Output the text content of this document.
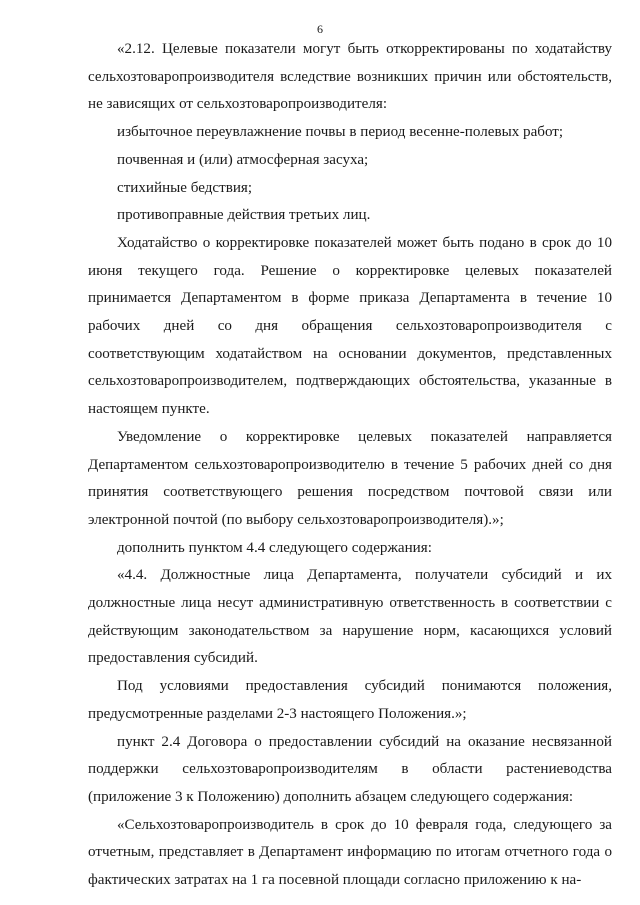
6

«2.12. Целевые показатели могут быть откорректированы по ходатайству сельхозтоваропроизводителя вследствие возникших причин или обстоятельств, не зависящих от сельхозтоваропроизводителя:

избыточное переувлажнение почвы в период весенне-полевых работ;

почвенная и (или) атмосферная засуха;

стихийные бедствия;

противоправные действия третьих лиц.

Ходатайство о корректировке показателей может быть подано в срок до 10 июня текущего года. Решение о корректировке целевых показателей принимается Департаментом в форме приказа Департамента в течение 10 рабочих дней со дня обращения сельхозтоваропроизводителя с соответствующим ходатайством на основании документов, представленных сельхозтоваропроизводителем, подтверждающих обстоятельства, указанные в настоящем пункте.

Уведомление о корректировке целевых показателей направляется Департаментом сельхозтоваропроизводителю в течение 5 рабочих дней со дня принятия соответствующего решения посредством почтовой связи или электронной почтой (по выбору сельхозтоваропроизводителя).»;

дополнить пунктом 4.4 следующего содержания:

«4.4. Должностные лица Департамента, получатели субсидий и их должностные лица несут административную ответственность в соответствии с действующим законодательством за нарушение норм, касающихся условий предоставления субсидий.

Под условиями предоставления субсидий понимаются положения, предусмотренные разделами 2-3 настоящего Положения.»;

пункт 2.4 Договора о предоставлении субсидий на оказание несвязанной поддержки сельхозтоваропроизводителям в области растениеводства (приложение 3 к Положению) дополнить абзацем следующего содержания:

«Сельхозтоваропроизводитель в срок до 10 февраля года, следующего за отчетным, представляет в Департамент информацию по итогам отчетного года о фактических затратах на 1 га посевной площади согласно приложению к на-
